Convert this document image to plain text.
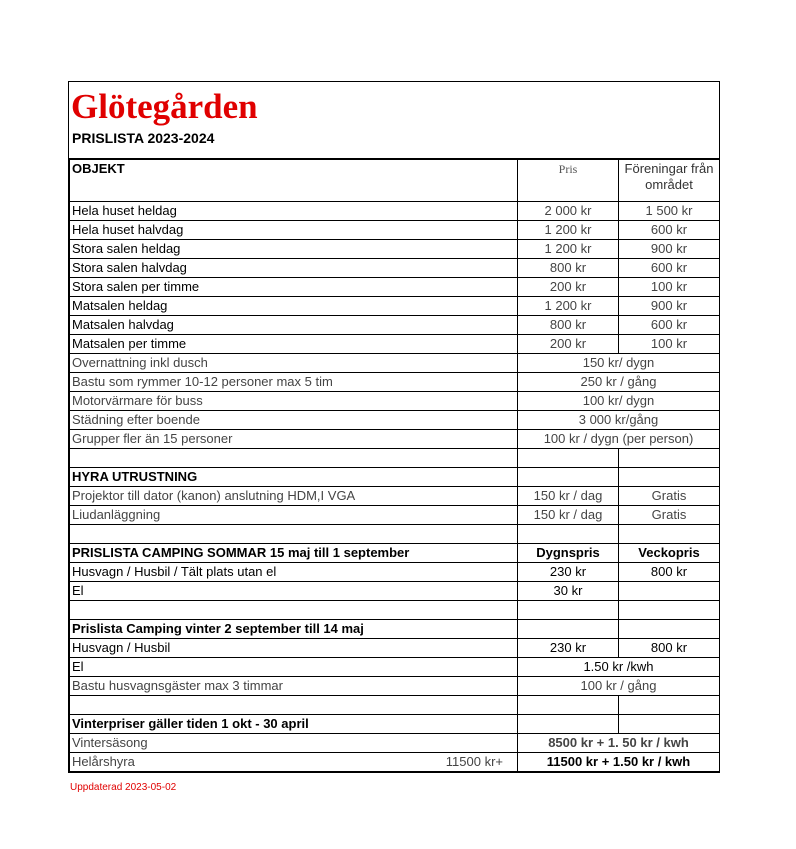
Glötegården
PRISLISTA 2023-2024
OBJEKT	Pris	Föreningar från området
Hela huset heldag	2 000 kr	1 500 kr
Hela huset halvdag	1 200 kr	600 kr
Stora salen heldag	1 200 kr	900 kr
Stora salen halvdag	800 kr	600 kr
Stora salen per timme	200 kr	100 kr
Matsalen heldag	1 200 kr	900 kr
Matsalen halvdag	800 kr	600 kr
Matsalen per timme	200 kr	100 kr
Overnattning inkl dusch	150 kr/ dygn	
Bastu som rymmer 10-12 personer max 5 tim	250 kr / gång	
Motorvärmare för buss	100 kr/ dygn	
Städning efter boende	3 000 kr/gång	
Grupper fler än 15 personer	100 kr / dygn (per person)	

HYRA UTRUSTNING		
Projektor till dator (kanon) anslutning HDM,I VGA	150 kr / dag	Gratis
Liudanläggning	150 kr / dag	Gratis

PRISLISTA CAMPING SOMMAR 15 maj till 1 september	Dygnspris	Veckopris
Husvagn / Husbil / Tält plats utan el	230 kr	800 kr
El	30 kr	

Prislista Camping vinter 2 september till 14 maj		
Husvagn / Husbil	230 kr	800 kr
El	1.50 kr /kwh	
Bastu husvagnsgäster max 3 timmar	100 kr / gång	

Vinterpriser gäller tiden 1 okt - 30 april		
Vintersäsong	8500 kr + 1. 50 kr / kwh	
Helårshyra 11500 kr+	11500 kr + 1.50 kr / kwh	
Uppdaterad 2023-05-02
